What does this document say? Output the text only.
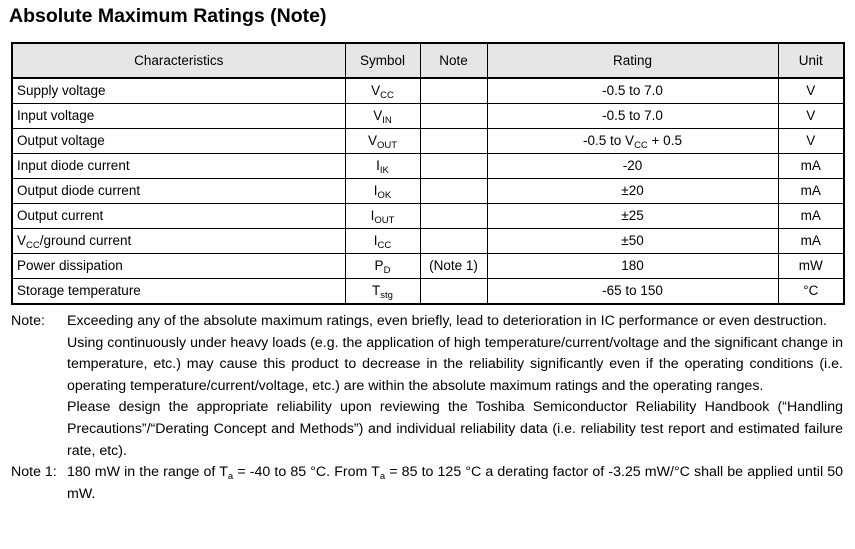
Absolute Maximum Ratings (Note)
Characteristics	Symbol	Note	Rating	Unit
Supply voltage	$V_{CC}$		-0.5 to 7.0	V
Input voltage	$V_{IN}$		-0.5 to 7.0	V
Output voltage	$V_{OUT}$		-0.5 to $V_{CC} + 0.5$	V
Input diode current	$I_{IK}$		-20	mA
Output diode current	$I_{OK}$		±20	mA
Output current	$I_{OUT}$		±25	mA
$V_{CC}$/ground current	$I_{CC}$		±50	mA
Power dissipation	$P_D$	(Note 1)	180	mW
Storage temperature	$T_{stg}$		-65 to 150	°C
Note:	Exceeding any of the absolute maximum ratings, even briefly, lead to deterioration in IC performance or even destruction.

Using continuously under heavy loads (e.g. the application of high temperature/current/voltage and the significant change in temperature, etc.) may cause this product to decrease in the reliability significantly even if the operating conditions (i.e. operating temperature/current/voltage, etc.) are within the absolute maximum ratings and the operating ranges.

Please design the appropriate reliability upon reviewing the Toshiba Semiconductor Reliability Handbook (“Handling Precautions”/“Derating Concept and Methods”) and individual reliability data (i.e. reliability test report and estimated failure rate, etc).

Note 1: 180 mW in the range of $T_a = -40$ to 85 °C. From $T_a = 85$ to 125 °C a derating factor of -3.25 mW/°C shall be applied until 50 mW.
